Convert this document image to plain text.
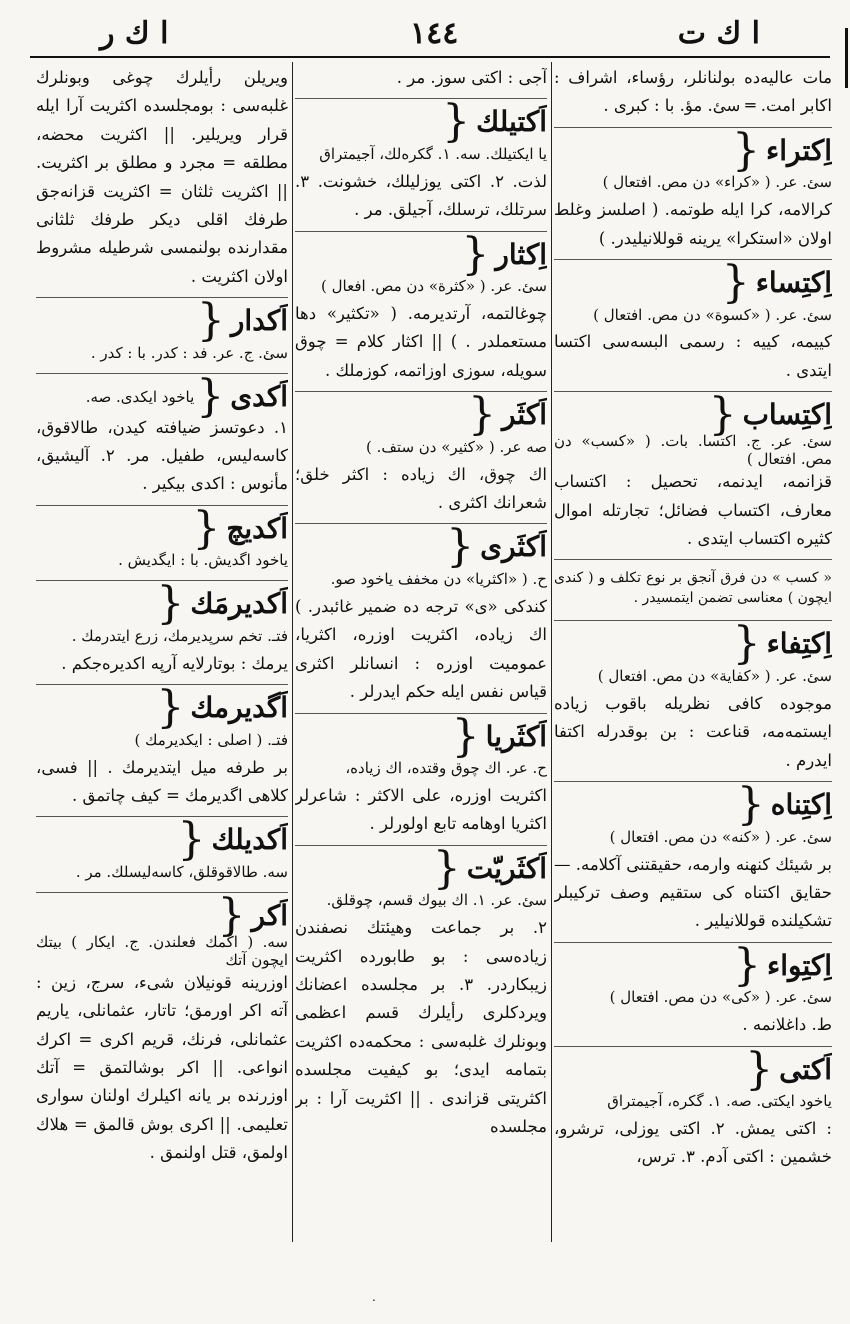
ا ك ت
١٤٤
ا ك ر

مات عالیه‌ده بولنانلر، رؤساء، اشراف : اکابر امت. ═ سئ. مؤ. با : کبری .

اِکتراء{سئ. عر. ( «کراء» دن مص. افتعال )
کرالامه، کرا ایله طوتمه. ( اصلسز وغلط اولان «استکرا» یرینه قوللانیلیدر. )
اِکتِساء{سئ. عر. ( «کسوة» دن مص. افتعال )
کییمه، کییه : رسمی البسه‌سی اکتسا ایتدی .
اِکتِساب{سئ. عر. ج. اکتسا. بات. ( «کسب» دن مص. افتعال )
قزانمه، ایدنمه، تحصیل : اکتساب معارف، اکتساب فضائل؛ تجارتله اموال کثیره اکتساب ایتدی .
« کسب » دن فرق آنجق بر نوع تکلف و ( کندی ایچون ) معناسی تضمن ایتمسیدر .
اِکتِفاء{سئ. عر. ( «کفایة» دن مص. افتعال )
موجوده کافی نظریله باقوب زیاده ایستمه‌مه، قناعت : بن بوقدرله اکتفا ایدرم .
اِکتِناه{سئ. عر. ( «کنه» دن مص. افتعال )
بر شیئك کنهنه وارمه، حقیقتنی آکلامه. — حقایق اکتناه کی ستقیم وصف ترکیبلر تشکیلنده قوللانیلیر .
اِکتِواء{سئ. عر. ( «کی» دن مص. افتعال )
ط. داغلانمه .
اَکتی{یاخود ایکتی. صه. ١. گکره، آجیمتراق
: اکتی یمش. ٢. اکتی یوزلی، ترشرو، خشمین : اکتی آدم. ٣. ترس،

آجی : اکتی سوز. مر .

اَکتیلك{یا ایکتیلك. سه. ١. گکره‌لك، آجیمتراق
لذت. ٢. اکتی یوزلیلك، خشونت. ٣. سرتلك، ترسلك، آجیلق. مر .
اِکثار{سئ. عر. ( «کثرة» دن مص. افعال )
چوغالتمه، آرتدیرمه. ( «تکثیر» دها مستعملدر . ) || اکثار کلام = چوق سویله، سوزی اوزاتمه، کوزملك .
اَکثَر{صه عر. ( «کثیر» دن ستف. )
اك چوق، اك زیاده : اکثر خلق؛ شعرانك اکثری .
اَکثَری{ح. ( «اکثریا» دن مخفف یاخود صو.
کندکی «ی» ترجه ده ضمیر غائبدر. ) اك زیاده، اکثریت اوزره، اکثریا، عمومیت اوزره : انسانلر اکثری قیاس نفس ایله حکم ایدرلر .
اَکثَریا{ح. عر. اك چوق وقتده، اك زیاده،
اکثریت اوزره، علی الاکثر : شاعرلر اکثریا اوهامه تابع اولورلر .
اَکثَریّت{سئ. عر. ١. اك بیوك قسم، چوقلق.
٢. بر جماعت وهیئتك نصفندن زیاده‌سی : بو طابورده اکثریت زیبکاردر. ٣. بر مجلسده اعضانك ویردکلری رأیلرك قسم اعظمی وبونلرك غلبه‌سی : محکمه‌ده اکثریت بتمامه ایدی؛ بو کیفیت مجلسده اکثریتی قزاندی . || اکثریت آرا : بر مجلسده

ویریلن رأیلرك چوغی وبونلرك غلبه‌سی : بومجلسده اکثریت آرا ایله قرار ویریلیر. || اکثریت محضه، مطلقه = مجرد و مطلق بر اکثریت. || اکثریت ثلثان = اکثریت قزانه‌جق طرفك اقلی دیکر طرفك ثلثانی مقدارنده بولنمسی شرطیله مشروط اولان اکثریت .

اَکدار{سئ. ج. عر. فد : کدر. با : کدر .
اَکدی{یاخود ایکدی. صه.
١. دعوتسز ضیافته کیدن، طالاقوق، کاسه‌لیس، طفیل. مر. ٢. آلیشیق، مأنوس : اکدی بیکیر .
اَکدیچ{یاخود اگدیش. با : ایگدیش .
اَکدیرمَك{فتـ. تخم سرپدیرمك، زرع ایتدرمك .
یرمك : بوتارلایه آرپه اکدیره‌جکم .
اَگدیرمك{فتـ. ( اصلی : ایکدیرمك )
بر طرفه میل ایتدیرمك . || فسی، کلاهی اگدیرمك = کیف چاتمق .
اَکدیلك{سه. طالاقوقلق، کاسه‌لیسلك. مر .
اَکر{سه. ( اکمك فعلندن. ج. ایکار ) بیتك ایچون آتك
اوزرینه قونیلان شیء، سرج، زین : آته اکر اورمق؛ تاتار، عثمانلی، یاریم عثمانلی، فرنك، قریم اکری = اکرك انواعی. || اکر بوشالتمق = آتك اوزرنده بر یانه اکیلرك اولنان سواری تعلیمی. || اکری بوش قالمق = هلاك اولمق، قتل اولنمق .
.
